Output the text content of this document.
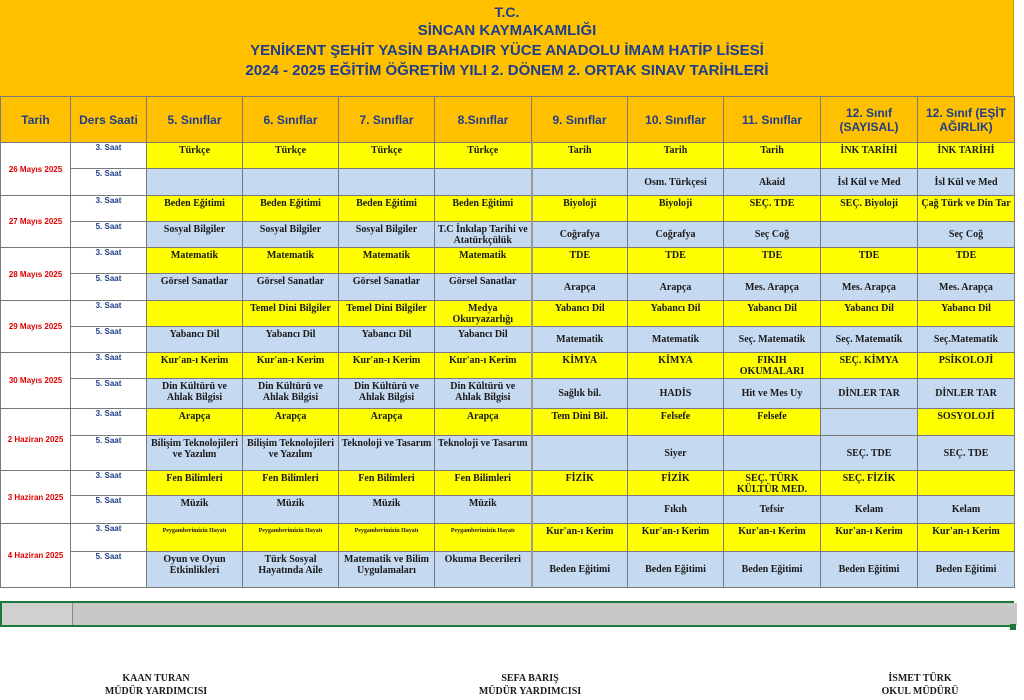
T.C.
SİNCAN KAYMAKAMLIĞI
YENİKENT ŞEHİT YASİN BAHADIR YÜCE ANADOLU İMAM HATİP LİSESİ
2024 - 2025 EĞİTİM ÖĞRETİM YILI 2. DÖNEM 2. ORTAK SINAV TARİHLERİ
Tarih	Ders Saati	5. Sınıflar	6. Sınıflar	7. Sınıflar	8.Sınıflar	9. Sınıflar	10. Sınıflar	11. Sınıflar	12. Sınıf (SAYISAL)	12. Sınıf (EŞİT AĞIRLIK)
26 Mayıs 2025	3. Saat	Türkçe	Türkçe	Türkçe	Türkçe	Tarih	Tarih	Tarih	İNK TARİHİ	İNK TARİHİ
	5. Saat						Osm. Türkçesi	Akaid	İsl Kül ve Med	İsl Kül ve Med
27 Mayıs 2025	3. Saat	Beden Eğitimi	Beden Eğitimi	Beden Eğitimi	Beden Eğitimi	Biyoloji	Biyoloji	SEÇ. TDE	SEÇ. Biyoloji	Çağ Türk ve Din Tar
	5. Saat	Sosyal Bilgiler	Sosyal Bilgiler	Sosyal Bilgiler	T.C İnkılap Tarihi ve Atatürkçülük	Coğrafya	Coğrafya	Seç Coğ		Seç Coğ
28 Mayıs 2025	3. Saat	Matematik	Matematik	Matematik	Matematik	TDE	TDE	TDE	TDE	TDE
	5. Saat	Görsel Sanatlar	Görsel Sanatlar	Görsel Sanatlar	Görsel Sanatlar	Arapça	Arapça	Mes. Arapça	Mes. Arapça	Mes. Arapça
29 Mayıs 2025	3. Saat		Temel Dini Bilgiler	Temel Dini Bilgiler	Medya Okuryazarlığı	Yabancı Dil	Yabancı Dil	Yabancı Dil	Yabancı Dil	Yabancı Dil
	5. Saat	Yabancı Dil	Yabancı Dil	Yabancı Dil	Yabancı Dil	Matematik	Matematik	Seç. Matematik	Seç. Matematik	Seç.Matematik
30 Mayıs 2025	3. Saat	Kur'an-ı Kerim	Kur'an-ı Kerim	Kur'an-ı Kerim	Kur'an-ı Kerim	KİMYA	KİMYA	FIKIH OKUMALARI	SEÇ. KİMYA	PSİKOLOJİ
	5. Saat	Din Kültürü ve Ahlak Bilgisi	Din Kültürü ve Ahlak Bilgisi	Din Kültürü ve Ahlak Bilgisi	Din Kültürü ve Ahlak Bilgisi	Sağlık bil.	HADİS	Hit ve Mes Uy	DİNLER TAR	DİNLER TAR
2 Haziran 2025	3. Saat	Arapça	Arapça	Arapça	Arapça	Tem Dini Bil.	Felsefe	Felsefe		SOSYOLOJİ
	5. Saat	Bilişim Teknolojileri ve Yazılım	Bilişim Teknolojileri ve Yazılım	Teknoloji ve Tasarım	Teknoloji ve Tasarım		Siyer		SEÇ. TDE	SEÇ. TDE
3 Haziran 2025	3. Saat	Fen Bilimleri	Fen Bilimleri	Fen Bilimleri	Fen Bilimleri	FİZİK	FİZİK	SEÇ. TÜRK KÜLTÜR MED.	SEÇ. FİZİK	
	5. Saat	Müzik	Müzik	Müzik	Müzik		Fıkıh	Tefsir	Kelam	Kelam
4 Haziran 2025	3. Saat	Peygamberimizin Hayatı	Peygamberimizin Hayatı	Peygamberimizin Hayatı	Peygamberimizin Hayatı	Kur'an-ı Kerim	Kur'an-ı Kerim	Kur'an-ı Kerim	Kur'an-ı Kerim	Kur'an-ı Kerim
	5. Saat	Oyun ve Oyun Etkinlikleri	Türk Sosyal Hayatında Aile	Matematik ve Bilim Uygulamaları	Okuma Becerileri	Beden Eğitimi	Beden Eğitimi	Beden Eğitimi	Beden Eğitimi	Beden Eğitimi
KAAN TURAN
MÜDÜR YARDIMCISI
SEFA BARIŞ
MÜDÜR YARDIMCISI
İSMET TÜRK
OKUL MÜDÜRÜ
